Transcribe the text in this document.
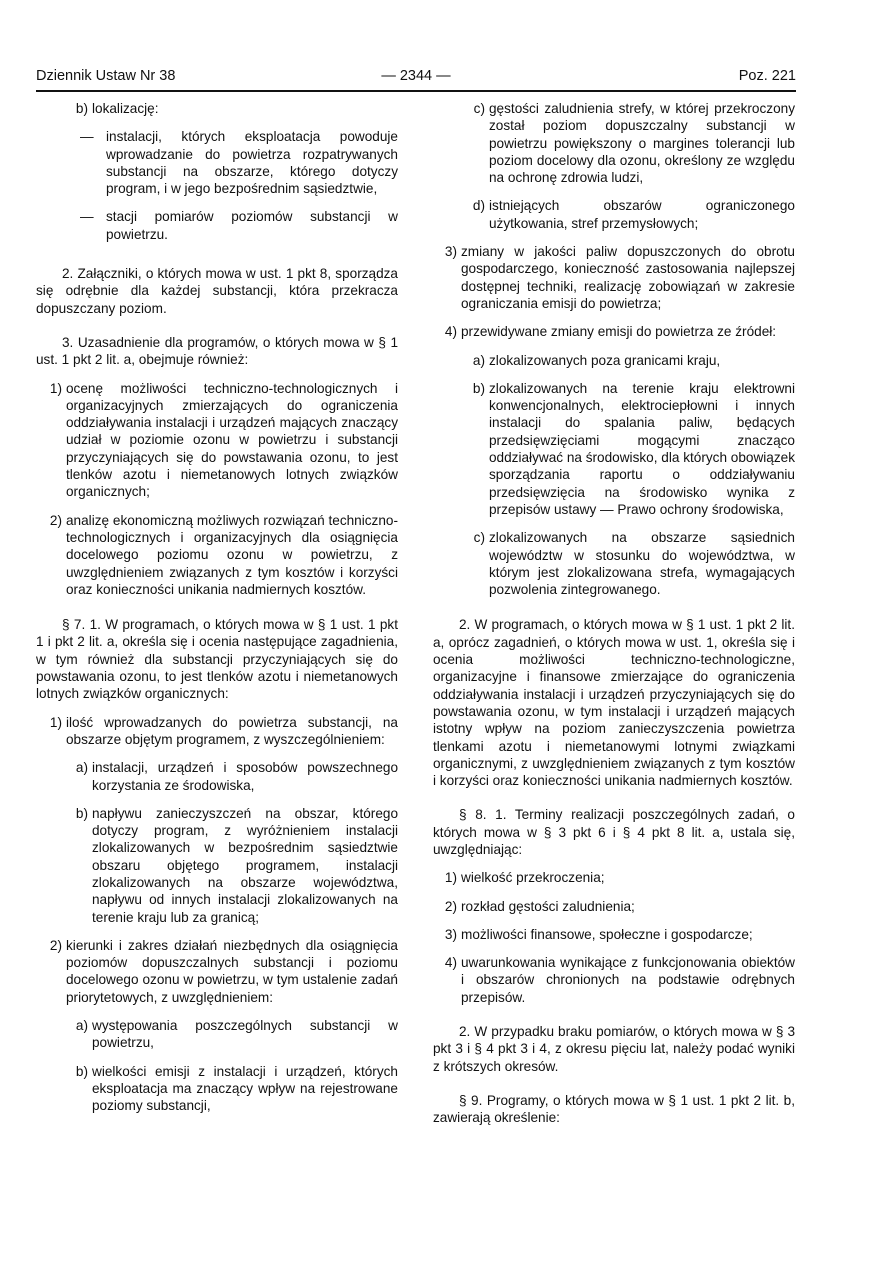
Dziennik Ustaw Nr 38	— 2344 —	Poz. 221
b) lokalizację:
— instalacji, których eksploatacja powoduje wprowadzanie do powietrza rozpatrywanych substancji na obszarze, którego dotyczy program, i w jego bezpośrednim sąsiedztwie,
— stacji pomiarów poziomów substancji w powietrzu.

2. Załączniki, o których mowa w ust. 1 pkt 8, sporządza się odrębnie dla każdej substancji, która przekracza dopuszczany poziom.

3. Uzasadnienie dla programów, o których mowa w § 1 ust. 1 pkt 2 lit. a, obejmuje również:

1) ocenę możliwości techniczno-technologicznych i organizacyjnych zmierzających do ograniczenia oddziaływania instalacji i urządzeń mających znaczący udział w poziomie ozonu w powietrzu i substancji przyczyniających się do powstawania ozonu, to jest tlenków azotu i niemetanowych lotnych związków organicznych;
2) analizę ekonomiczną możliwych rozwiązań techniczno-technologicznych i organizacyjnych dla osiągnięcia docelowego poziomu ozonu w powietrzu, z uwzględnieniem związanych z tym kosztów i korzyści oraz konieczności unikania nadmiernych kosztów.

§ 7. 1. W programach, o których mowa w § 1 ust. 1 pkt 1 i pkt 2 lit. a, określa się i ocenia następujące zagadnienia, w tym również dla substancji przyczyniających się do powstawania ozonu, to jest tlenków azotu i niemetanowych lotnych związków organicznych:

1) ilość wprowadzanych do powietrza substancji, na obszarze objętym programem, z wyszczególnieniem:
a) instalacji, urządzeń i sposobów powszechnego korzystania ze środowiska,
b) napływu zanieczyszczeń na obszar, którego dotyczy program, z wyróżnieniem instalacji zlokalizowanych w bezpośrednim sąsiedztwie obszaru objętego programem, instalacji zlokalizowanych na obszarze województwa, napływu od innych instalacji zlokalizowanych na terenie kraju lub za granicą;
2) kierunki i zakres działań niezbędnych dla osiągnięcia poziomów dopuszczalnych substancji i poziomu docelowego ozonu w powietrzu, w tym ustalenie zadań priorytetowych, z uwzględnieniem:
a) występowania poszczególnych substancji w powietrzu,
b) wielkości emisji z instalacji i urządzeń, których eksploatacja ma znaczący wpływ na rejestrowane poziomy substancji,
c) gęstości zaludnienia strefy, w której przekroczony został poziom dopuszczalny substancji w powietrzu powiększony o margines tolerancji lub poziom docelowy dla ozonu, określony ze względu na ochronę zdrowia ludzi,
d) istniejących obszarów ograniczonego użytkowania, stref przemysłowych;
3) zmiany w jakości paliw dopuszczonych do obrotu gospodarczego, konieczność zastosowania najlepszej dostępnej techniki, realizację zobowiązań w zakresie ograniczania emisji do powietrza;
4) przewidywane zmiany emisji do powietrza ze źródeł:
a) zlokalizowanych poza granicami kraju,
b) zlokalizowanych na terenie kraju elektrowni konwencjonalnych, elektrociepłowni i innych instalacji do spalania paliw, będących przedsięwzięciami mogącymi znacząco oddziaływać na środowisko, dla których obowiązek sporządzania raportu o oddziaływaniu przedsięwzięcia na środowisko wynika z przepisów ustawy — Prawo ochrony środowiska,
c) zlokalizowanych na obszarze sąsiednich województw w stosunku do województwa, w którym jest zlokalizowana strefa, wymagających pozwolenia zintegrowanego.

2. W programach, o których mowa w § 1 ust. 1 pkt 2 lit. a, oprócz zagadnień, o których mowa w ust. 1, określa się i ocenia możliwości techniczno-technologiczne, organizacyjne i finansowe zmierzające do ograniczenia oddziaływania instalacji i urządzeń przyczyniających się do powstawania ozonu, w tym instalacji i urządzeń mających istotny wpływ na poziom zanieczyszczenia powietrza tlenkami azotu i niemetanowymi lotnymi związkami organicznymi, z uwzględnieniem związanych z tym kosztów i korzyści oraz konieczności unikania nadmiernych kosztów.

§ 8. 1. Terminy realizacji poszczególnych zadań, o których mowa w § 3 pkt 6 i § 4 pkt 8 lit. a, ustala się, uwzględniając:

1) wielkość przekroczenia;
2) rozkład gęstości zaludnienia;
3) możliwości finansowe, społeczne i gospodarcze;
4) uwarunkowania wynikające z funkcjonowania obiektów i obszarów chronionych na podstawie odrębnych przepisów.

2. W przypadku braku pomiarów, o których mowa w § 3 pkt 3 i § 4 pkt 3 i 4, z okresu pięciu lat, należy podać wyniki z krótszych okresów.

§ 9. Programy, o których mowa w § 1 ust. 1 pkt 2 lit. b, zawierają określenie:
